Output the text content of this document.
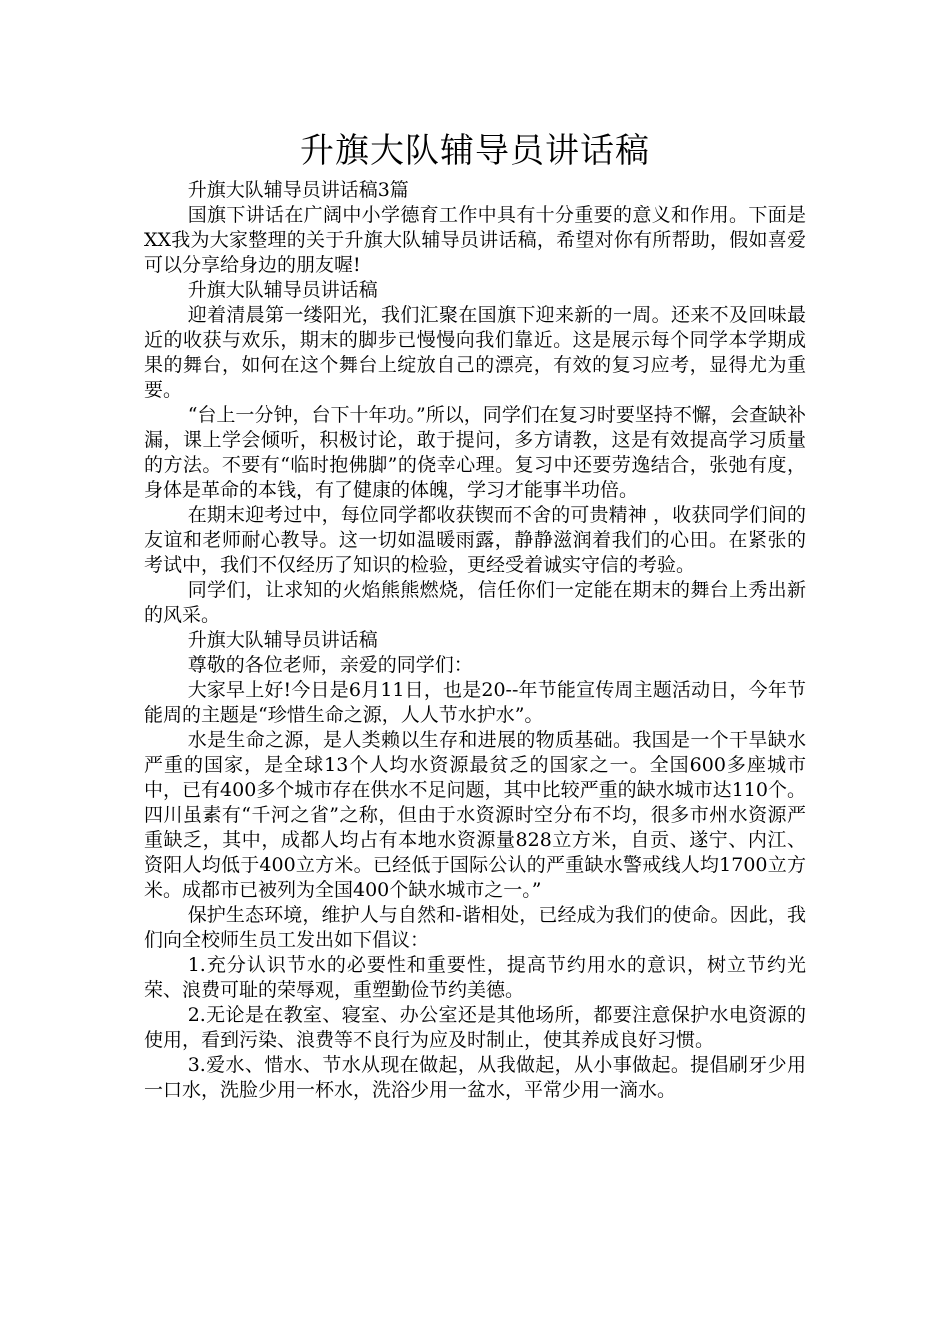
升旗大队辅导员讲话稿

升旗大队辅导员讲话稿3篇

国旗下讲话在广阔中小学德育工作中具有十分重要的意义和作用。下面是XX我为大家整理的关于升旗大队辅导员讲话稿，希望对你有所帮助，假如喜爱可以分享给身边的朋友喔!

升旗大队辅导员讲话稿

迎着清晨第一缕阳光，我们汇聚在国旗下迎来新的一周。还来不及回味最近的收获与欢乐，期末的脚步已慢慢向我们靠近。这是展示每个同学本学期成果的舞台，如何在这个舞台上绽放自己的漂亮，有效的复习应考，显得尤为重要。

“台上一分钟，台下十年功。”所以，同学们在复习时要坚持不懈，会查缺补漏，课上学会倾听，积极讨论，敢于提问，多方请教，这是有效提高学习质量的方法。不要有“临时抱佛脚”的侥幸心理。复习中还要劳逸结合，张弛有度，身体是革命的本钱，有了健康的体魄，学习才能事半功倍。

在期末迎考过中，每位同学都收获锲而不舍的可贵精神 ，收获同学们间的友谊和老师耐心教导。这一切如温暖雨露，静静滋润着我们的心田。在紧张的考试中，我们不仅经历了知识的检验，更经受着诚实守信的考验。

同学们，让求知的火焰熊熊燃烧，信任你们一定能在期末的舞台上秀出新的风采。

升旗大队辅导员讲话稿

尊敬的各位老师，亲爱的同学们：

大家早上好!今日是6月11日，也是20--年节能宣传周主题活动日，今年节能周的主题是“珍惜生命之源，人人节水护水”。

水是生命之源，是人类赖以生存和进展的物质基础。我国是一个干旱缺水严重的国家，是全球13个人均水资源最贫乏的国家之一。全国600多座城市中，已有400多个城市存在供水不足问题，其中比较严重的缺水城市达110个。四川虽素有“千河之省”之称，但由于水资源时空分布不均，很多市州水资源严重缺乏，其中，成都人均占有本地水资源量828立方米，自贡、遂宁、内江、资阳人均低于400立方米。已经低于国际公认的严重缺水警戒线人均1700立方米。成都市已被列为全国400个缺水城市之一。”

保护生态环境，维护人与自然和-谐相处，已经成为我们的使命。因此，我们向全校师生员工发出如下倡议：

1.充分认识节水的必要性和重要性，提高节约用水的意识，树立节约光荣、浪费可耻的荣辱观，重塑勤俭节约美德。

2.无论是在教室、寝室、办公室还是其他场所，都要注意保护水电资源的使用，看到污染、浪费等不良行为应及时制止，使其养成良好习惯。

3.爱水、惜水、节水从现在做起，从我做起，从小事做起。提倡刷牙少用一口水，洗脸少用一杯水，洗浴少用一盆水，平常少用一滴水。
